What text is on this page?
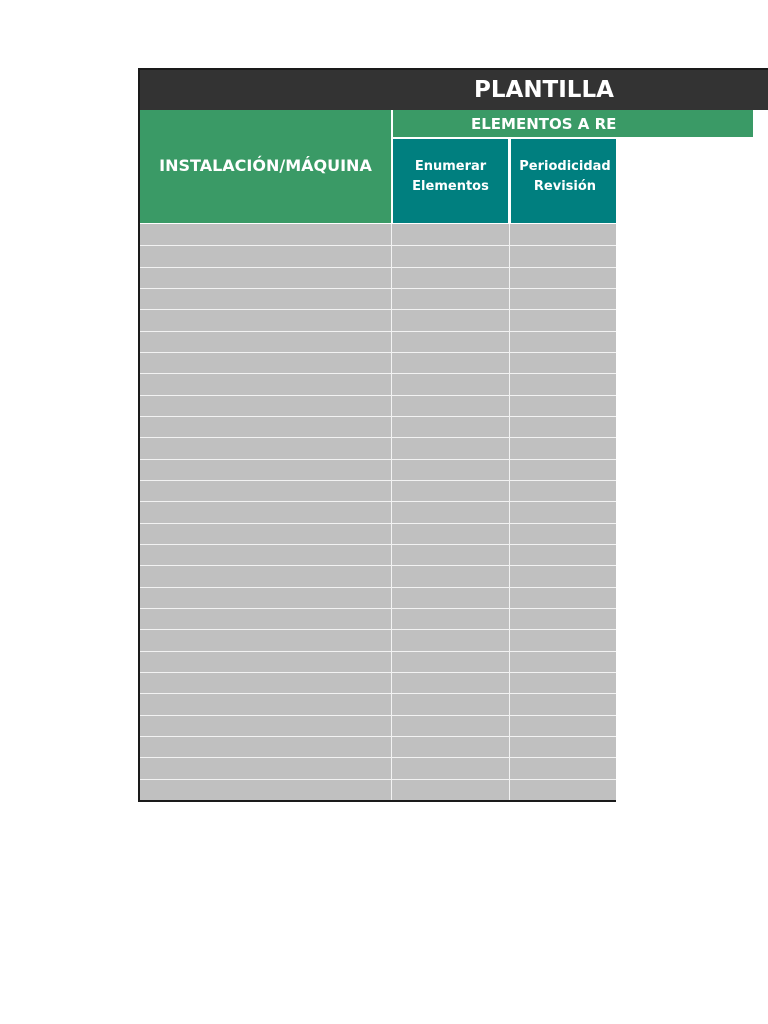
PLANTILLA
INSTALACIÓN/MÁQUINA
ELEMENTOS A RE
Enumerar
Elementos
Periodicidad
Revisión
